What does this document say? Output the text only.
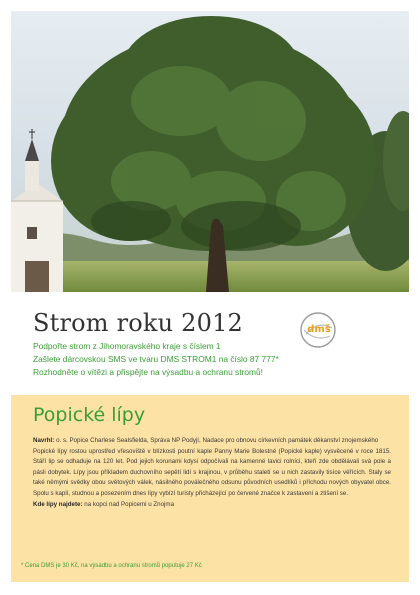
Strom roku 2012
Podpořte strom z Jihomoravského kraje s číslem 1
Zašlete dárcovskou SMS ve tvaru DMS STROM1 na číslo 87 777*
Rozhodněte o vítězi a přispějte na výsadbu a ochranu stromů!
dmš
Popické lípy

Navrhl: o. s. Popice Charlese Sealsfielda, Správa NP Podyjí, Nadace pro obnovu církevních památek děkanství znojemského

Popické lípy rostou uprostřed vřesoviště v blízkosti poutní kaple Panny Marie Bolestné (Popické kaple) vysvěcené v roce 1815. Stáří lip se odhaduje na 120 let. Pod jejich korunami kdysi odpočívali na kamenné lavici rolníci, kteří zde obdělávali svá pole a pásli dobytek. Lípy jsou příkladem duchovního sepětí lidí s krajinou, v průběhu staletí se u nich zastavily tisíce věřících. Staly se také němými svědky obou světových válek, násilného poválečného odsunu původních usedlíků i příchodu nových obyvatel obce. Spolu s kaplí, studnou a posezením dnes lípy vybízí turisty přicházející po červené značce k zastavení a ztišení se.

Kde lípy najdete: na kopci nad Popicemi u Znojma

* Cena DMS je 30 Kč, na výsadbu a ochranu stromů poputuje 27 Kč
